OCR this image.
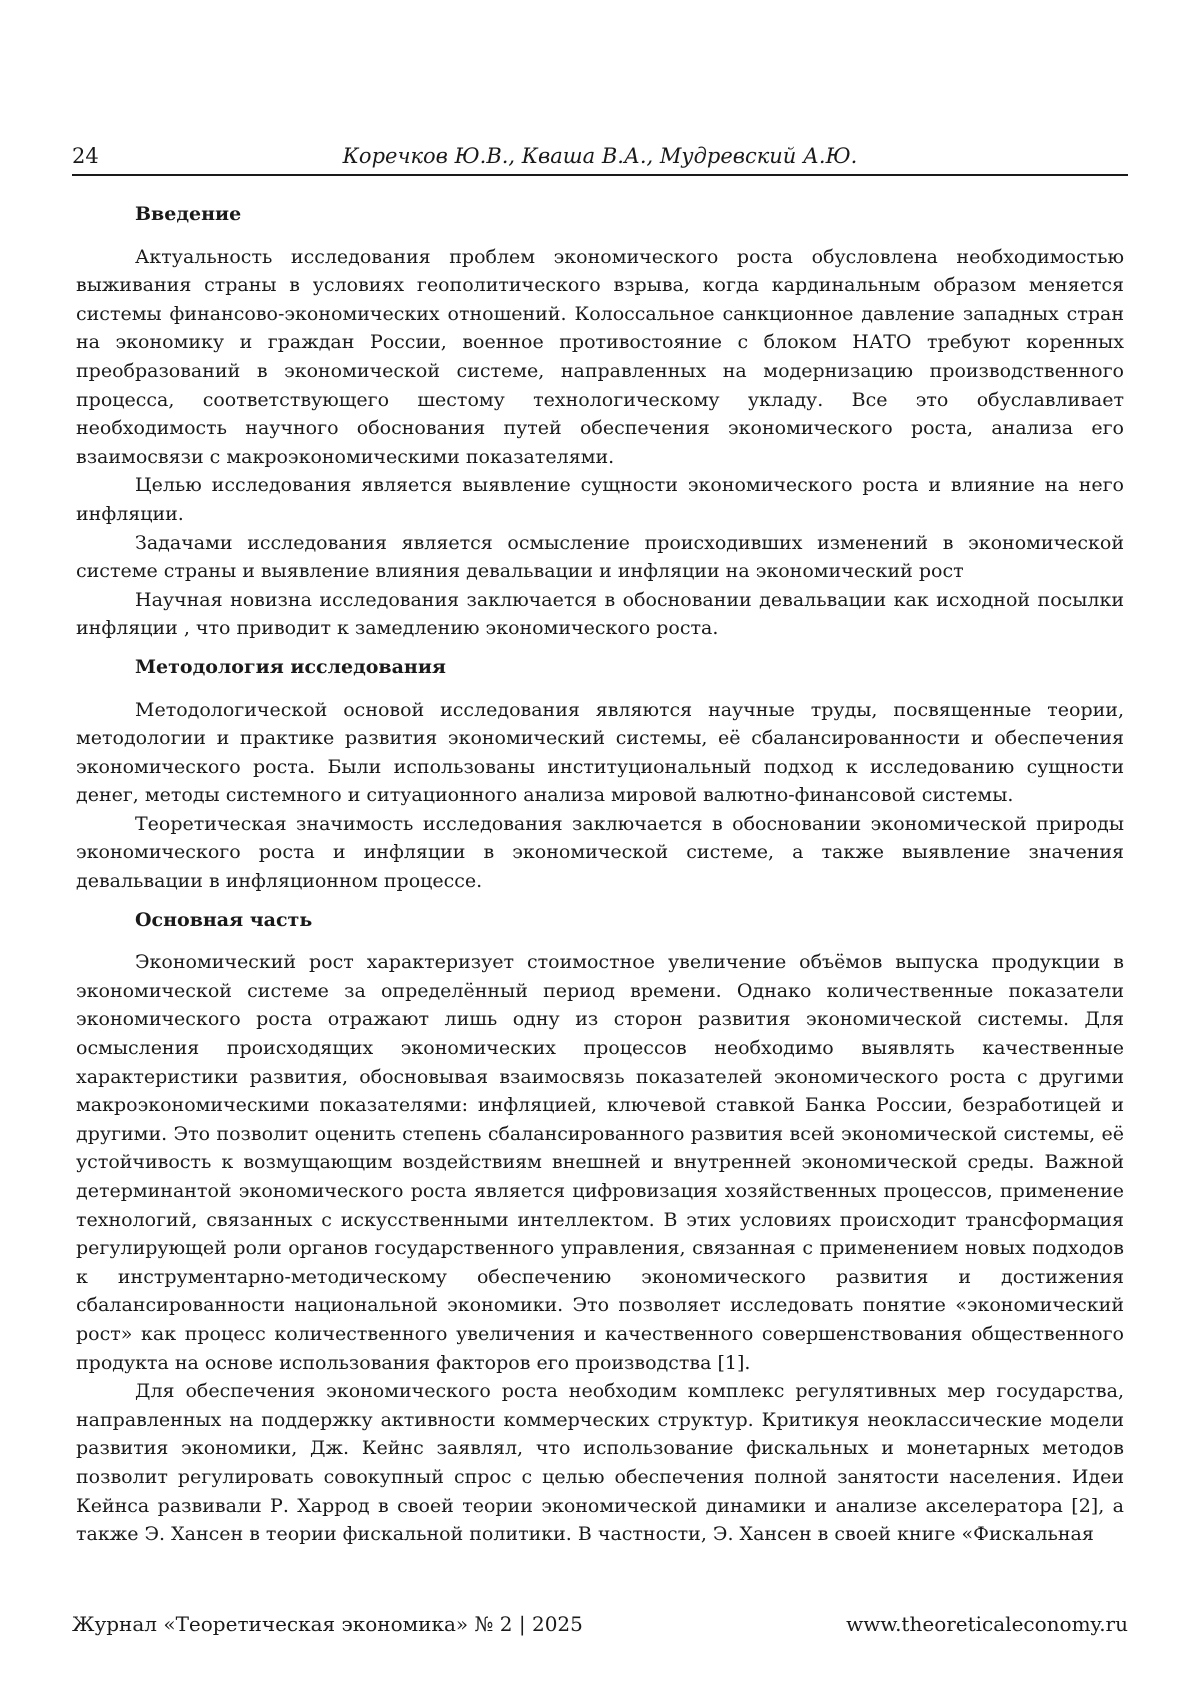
24	Коречков Ю.В., Кваша В.А., Мудревский А.Ю.
Введение

Актуальность исследования проблем экономического роста обусловлена необходимостью выживания страны в условиях геополитического взрыва, когда кардинальным образом меняется системы финансово-экономических отношений. Колоссальное санкционное давление западных стран на экономику и граждан России, военное противостояние с блоком НАТО требуют коренных преобразований в экономической системе, направленных на модернизацию производственного процесса, соответствующего шестому технологическому укладу. Все это обуславливает необходимость научного обоснования путей обеспечения экономического роста, анализа его взаимосвязи с макроэкономическими показателями.

Целью исследования является выявление сущности экономического роста и влияние на него инфляции.

Задачами исследования является осмысление происходивших изменений в экономической системе страны и выявление влияния девальвации и инфляции на экономический рост

Научная новизна исследования заключается в обосновании девальвации как исходной посылки инфляции , что приводит к замедлению экономического роста.

Методология исследования

Методологической основой исследования являются научные труды, посвященные теории, методологии и практике развития экономический системы, её сбалансированности и обеспечения экономического роста. Были использованы институциональный подход к исследованию сущности денег, методы системного и ситуационного анализа мировой валютно-финансовой системы.

Теоретическая значимость исследования заключается в обосновании экономической природы экономического роста и инфляции в экономической системе, а также выявление значения девальвации в инфляционном процессе.

Основная часть

Экономический рост характеризует стоимостное увеличение объёмов выпуска продукции в экономической системе за определённый период времени. Однако количественные показатели экономического роста отражают лишь одну из сторон развития экономической системы. Для осмысления происходящих экономических процессов необходимо выявлять качественные характеристики развития, обосновывая взаимосвязь показателей экономического роста с другими макроэкономическими показателями: инфляцией, ключевой ставкой Банка России, безработицей и другими. Это позволит оценить степень сбалансированного развития всей экономической системы, её устойчивость к возмущающим воздействиям внешней и внутренней экономической среды. Важной детерминантой экономического роста является цифровизация хозяйственных процессов, применение технологий, связанных с искусственными интеллектом. В этих условиях происходит трансформация регулирующей роли органов государственного управления, связанная с применением новых подходов к инструментарно-методическому обеспечению экономического развития и достижения сбалансированности национальной экономики. Это позволяет исследовать понятие «экономический рост» как процесс количественного увеличения и качественного совершенствования общественного продукта на основе использования факторов его производства [1].

Для обеспечения экономического роста необходим комплекс регулятивных мер государства, направленных на поддержку активности коммерческих структур. Критикуя неоклассические модели развития экономики, Дж. Кейнс заявлял, что использование фискальных и монетарных методов позволит регулировать совокупный спрос с целью обеспечения полной занятости населения. Идеи Кейнса развивали Р. Харрод в своей теории экономической динамики и анализе акселератора [2], а также Э. Хансен в теории фискальной политики. В частности, Э. Хансен в своей книге «Фискальная

Журнал «Теоретическая экономика» № 2 | 2025	www.theoreticaleconomy.ru
